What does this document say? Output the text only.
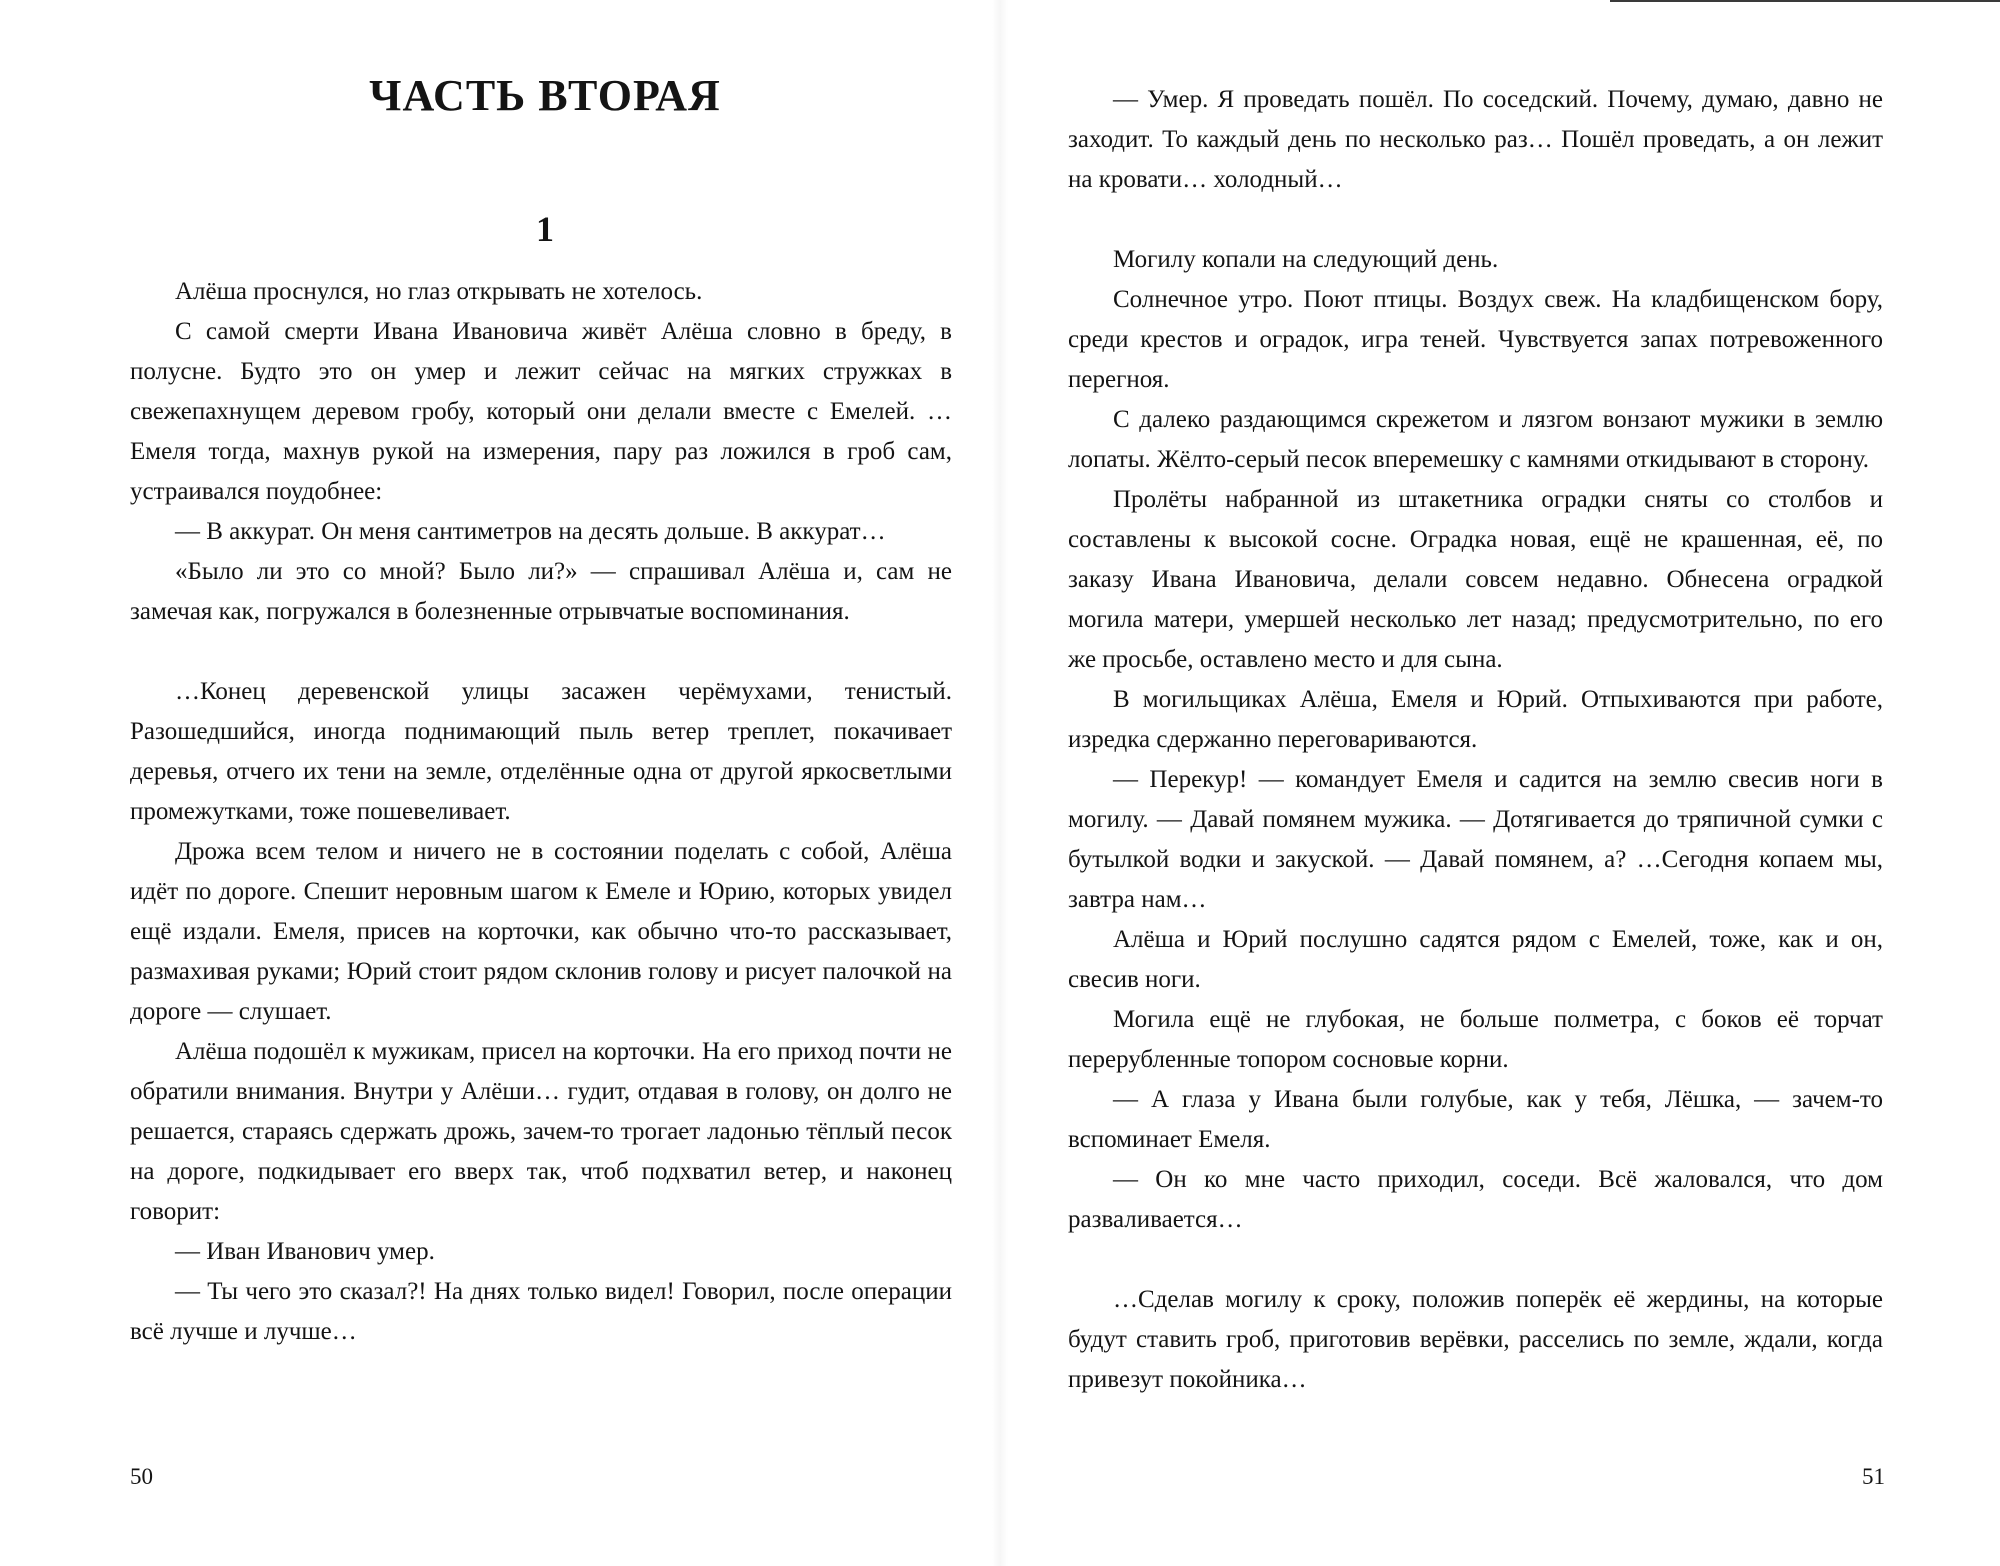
ЧАСТЬ ВТОРАЯ
1

Алёша проснулся, но глаз открывать не хотелось.

С самой смерти Ивана Ивановича живёт Алёша словно в бреду, в полусне. Будто это он умер и лежит сейчас на мягких стружках в свежепахнущем деревом гробу, который они делали вместе с Емелей. …Емеля тогда, махнув рукой на измерения, пару раз ложился в гроб сам, устраивался поудобнее:

— В аккурат. Он меня сантиметров на десять дольше. В аккурат…

«Было ли это со мной? Было ли?» — спрашивал Алёша и, сам не замечая как, погружался в болезненные отрывчатые воспоминания.

…Конец деревенской улицы засажен черёмухами, тенистый. Разошедшийся, иногда поднимающий пыль ветер треплет, покачивает деревья, отчего их тени на земле, отделённые одна от другой яркосветлыми промежутками, тоже пошевеливает.

Дрожа всем телом и ничего не в состоянии поделать с собой, Алёша идёт по дороге. Спешит неровным шагом к Емеле и Юрию, которых увидел ещё издали. Емеля, присев на корточки, как обычно что-то рассказывает, размахивая руками; Юрий стоит рядом склонив голову и рисует палочкой на дороге — слушает.

Алёша подошёл к мужикам, присел на корточки. На его приход почти не обратили внимания. Внутри у Алёши… гудит, отдавая в голову, он долго не решается, стараясь сдержать дрожь, зачем-то трогает ладонью тёплый песок на дороге, подкидывает его вверх так, чтоб подхватил ветер, и наконец говорит:

— Иван Иванович умер.

— Ты чего это сказал?! На днях только видел! Говорил, после операции всё лучше и лучше…

50

— Умер. Я проведать пошёл. По соседский. Почему, думаю, давно не заходит. То каждый день по несколько раз… Пошёл проведать, а он лежит на кровати… холодный…

Могилу копали на следующий день.

Солнечное утро. Поют птицы. Воздух свеж. На кладбищенском бору, среди крестов и оградок, игра теней. Чувствуется запах потревоженного перегноя.

С далеко раздающимся скрежетом и лязгом вонзают мужики в землю лопаты. Жёлто-серый песок вперемешку с камнями откидывают в сторону.

Пролёты набранной из штакетника оградки сняты со столбов и составлены к высокой сосне. Оградка новая, ещё не крашенная, её, по заказу Ивана Ивановича, делали совсем недавно. Обнесена оградкой могила матери, умершей несколько лет назад; предусмотрительно, по его же просьбе, оставлено место и для сына.

В могильщиках Алёша, Емеля и Юрий. Отпыхиваются при работе, изредка сдержанно переговариваются.

— Перекур! — командует Емеля и садится на землю свесив ноги в могилу. — Давай помянем мужика. — Дотягивается до тряпичной сумки с бутылкой водки и закуской. — Давай помянем, а? …Сегодня копаем мы, завтра нам…

Алёша и Юрий послушно садятся рядом с Емелей, тоже, как и он, свесив ноги.

Могила ещё не глубокая, не больше полметра, с боков её торчат перерубленные топором сосновые корни.

— А глаза у Ивана были голубые, как у тебя, Лёшка, — зачем-то вспоминает Емеля.

— Он ко мне часто приходил, соседи. Всё жаловался, что дом разваливается…

…Сделав могилу к сроку, положив поперёк её жердины, на которые будут ставить гроб, приготовив верёвки, расселись по земле, ждали, когда привезут покойника…

51
